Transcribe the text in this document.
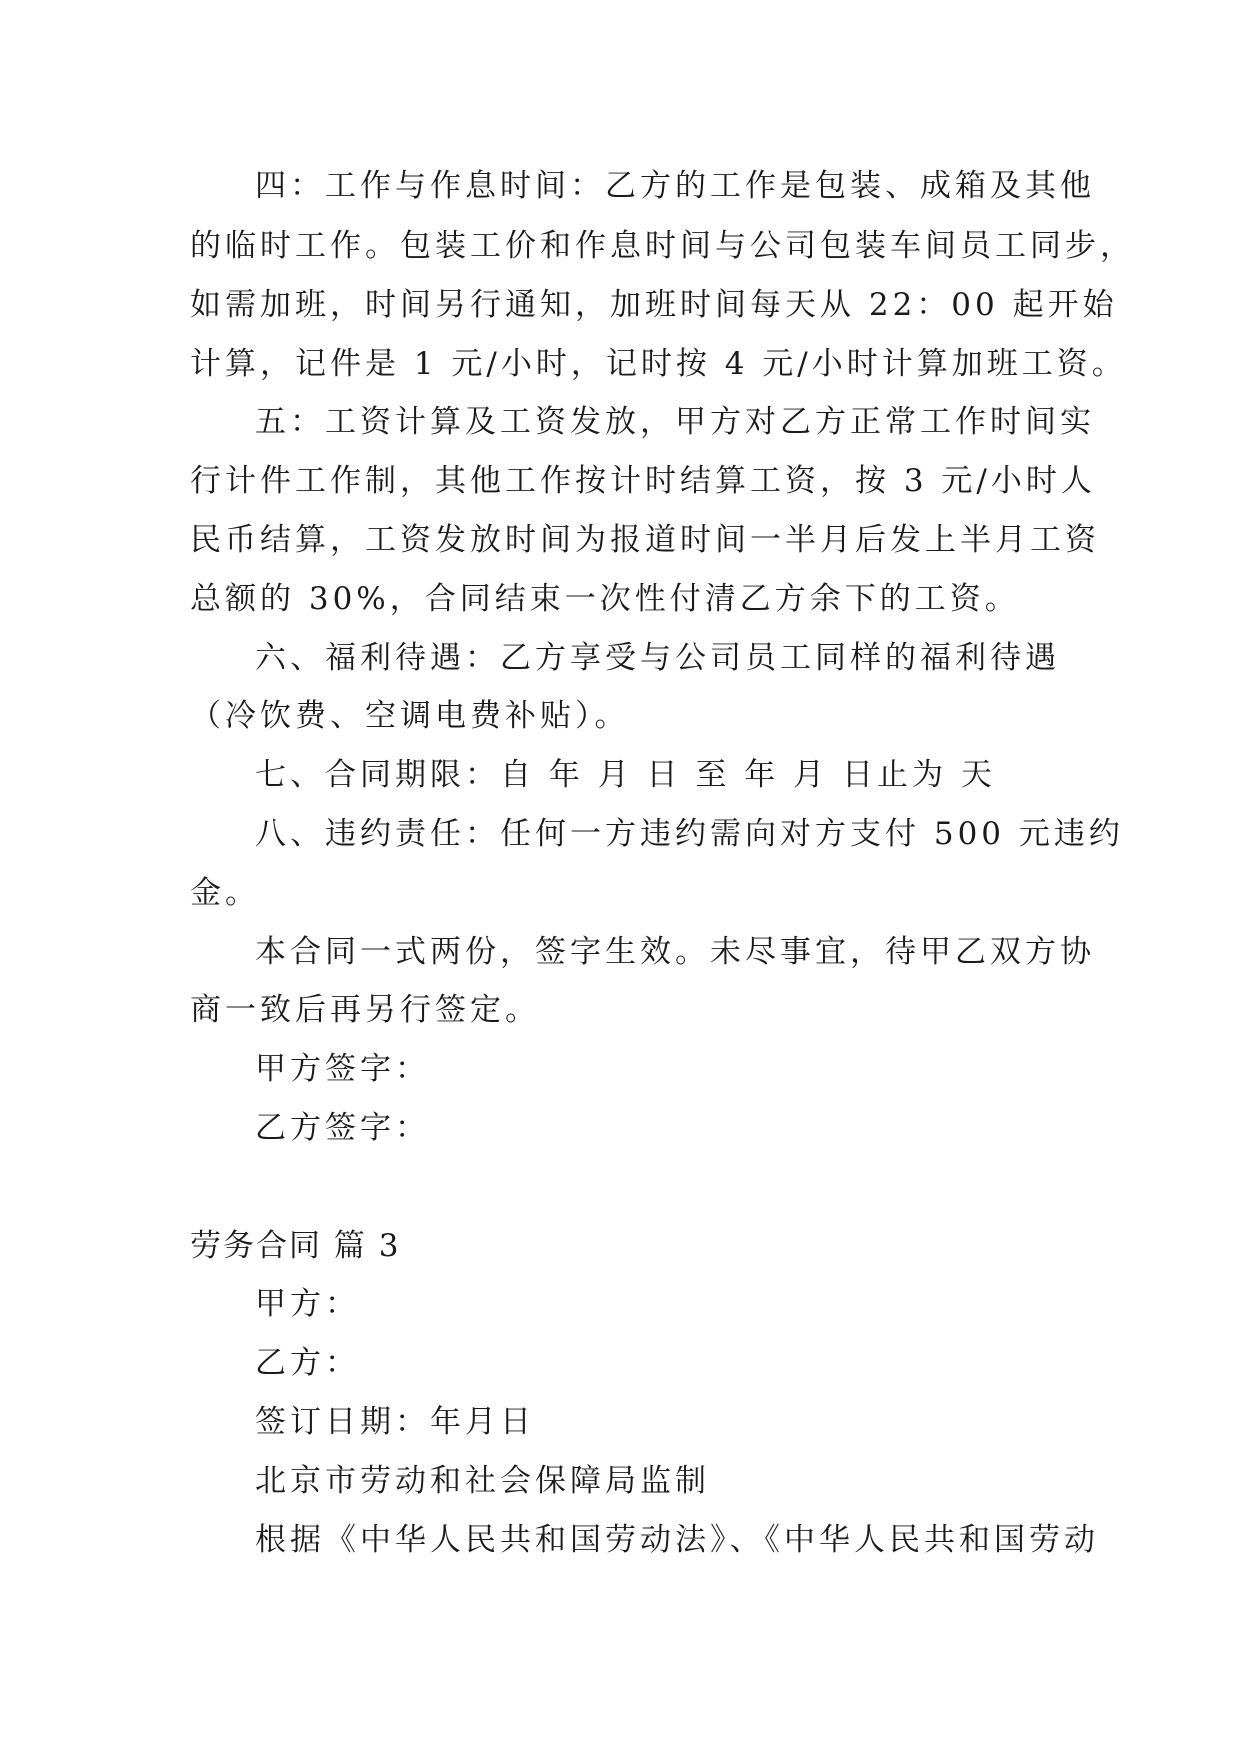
四：工作与作息时间：乙方的工作是包装、成箱及其他
的临时工作。包装工价和作息时间与公司包装车间员工同步，
如需加班，时间另行通知，加班时间每天从 22：00 起开始
计算，记件是 1 元/小时，记时按 4 元/小时计算加班工资。
五：工资计算及工资发放，甲方对乙方正常工作时间实
行计件工作制，其他工作按计时结算工资，按 3 元/小时人
民币结算，工资发放时间为报道时间一半月后发上半月工资
总额的 30%，合同结束一次性付清乙方余下的工资。
六、福利待遇：乙方享受与公司员工同样的福利待遇
（冷饮费、空调电费补贴）。
七、合同期限：自 年 月 日 至 年 月 日止为 天
八、违约责任：任何一方违约需向对方支付 500 元违约
金。
本合同一式两份，签字生效。未尽事宜，待甲乙双方协
商一致后再另行签定。
甲方签字：
乙方签字：
劳务合同 篇 3
甲方：
乙方：
签订日期：年月日
北京市劳动和社会保障局监制
根据《中华人民共和国劳动法》、《中华人民共和国劳动
